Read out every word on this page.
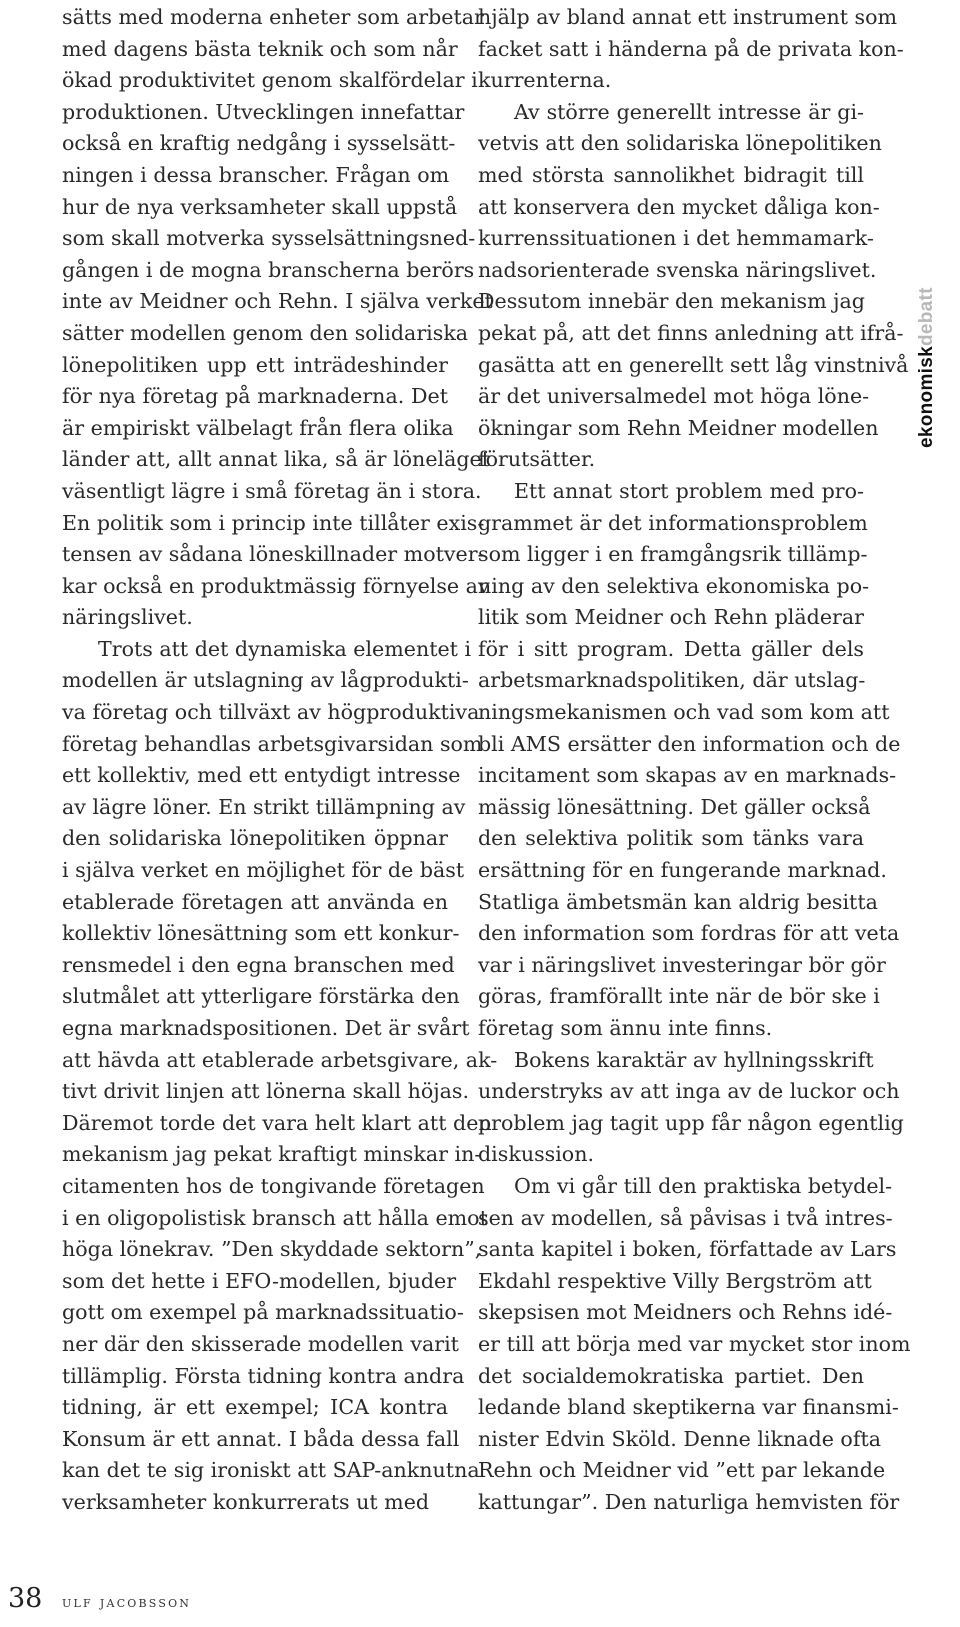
sätts med moderna enheter som arbetar
med dagens bästa teknik och som når
ökad produktivitet genom skalfördelar i
produktionen. Utvecklingen innefattar
också en kraftig nedgång i sysselsätt-
ningen i dessa branscher. Frågan om
hur de nya verksamheter skall uppstå
som skall motverka sysselsättningsned-
gången i de mogna branscherna berörs
inte av Meidner och Rehn. I själva verket
sätter modellen genom den solidariska
lönepolitiken upp ett inträdeshinder
för nya företag på marknaderna. Det
är empiriskt välbelagt från flera olika
länder att, allt annat lika, så är löneläget
väsentligt lägre i små företag än i stora.
En politik som i princip inte tillåter exis-
tensen av sådana löneskillnader motver-
kar också en produktmässig förnyelse av
näringslivet.
Trots att det dynamiska elementet i
modellen är utslagning av lågprodukti-
va företag och tillväxt av högproduktiva
företag behandlas arbetsgivarsidan som
ett kollektiv, med ett entydigt intresse
av lägre löner. En strikt tillämpning av
den solidariska lönepolitiken öppnar
i själva verket en möjlighet för de bäst
etablerade företagen att använda en
kollektiv lönesättning som ett konkur-
rensmedel i den egna branschen med
slutmålet att ytterligare förstärka den
egna marknadspositionen. Det är svårt
att hävda att etablerade arbetsgivare, ak-
tivt drivit linjen att lönerna skall höjas.
Däremot torde det vara helt klart att den
mekanism jag pekat kraftigt minskar in-
citamenten hos de tongivande företagen
i en oligopolistisk bransch att hålla emot
höga lönekrav. ”Den skyddade sektorn”,
som det hette i EFO-modellen, bjuder
gott om exempel på marknadssituatio-
ner där den skisserade modellen varit
tillämplig. Första tidning kontra andra
tidning, är ett exempel; ICA kontra
Konsum är ett annat. I båda dessa fall
kan det te sig ironiskt att SAP-anknutna
verksamheter konkurrerats ut med
hjälp av bland annat ett instrument som
facket satt i händerna på de privata kon-
kurrenterna.
Av större generellt intresse är gi-
vetvis att den solidariska lönepolitiken
med största sannolikhet bidragit till
att konservera den mycket dåliga kon-
kurrenssituationen i det hemmamark-
nadsorienterade svenska näringslivet.
Dessutom innebär den mekanism jag
pekat på, att det finns anledning att ifrå-
gasätta att en generellt sett låg vinstnivå
är det universalmedel mot höga löne-
ökningar som Rehn Meidner modellen
förutsätter.
Ett annat stort problem med pro-
grammet är det informationsproblem
som ligger i en framgångsrik tillämp-
ning av den selektiva ekonomiska po-
litik som Meidner och Rehn pläderar
för i sitt program. Detta gäller dels
arbetsmarknadspolitiken, där utslag-
ningsmekanismen och vad som kom att
bli AMS ersätter den information och de
incitament som skapas av en marknads-
mässig lönesättning. Det gäller också
den selektiva politik som tänks vara
ersättning för en fungerande marknad.
Statliga ämbetsmän kan aldrig besitta
den information som fordras för att veta
var i näringslivet investeringar bör gör
göras, framförallt inte när de bör ske i
företag som ännu inte finns.
Bokens karaktär av hyllningsskrift
understryks av att inga av de luckor och
problem jag tagit upp får någon egentlig
diskussion.
Om vi går till den praktiska betydel-
sen av modellen, så påvisas i två intres-
santa kapitel i boken, författade av Lars
Ekdahl respektive Villy Bergström att
skepsisen mot Meidners och Rehns idé-
er till att börja med var mycket stor inom
det socialdemokratiska partiet. Den
ledande bland skeptikerna var finansmi-
nister Edvin Sköld. Denne liknade ofta
Rehn och Meidner vid ”ett par lekande
kattungar”. Den naturliga hemvisten för
ekonomiskdebatt
38 ulf jacobsson
